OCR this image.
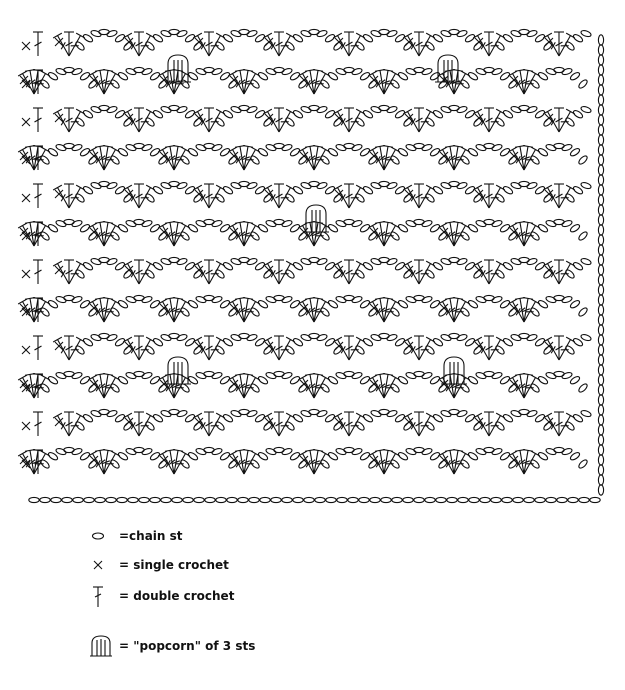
=chain st
= single crochet
= double crochet
= "popcorn" of 3 sts
